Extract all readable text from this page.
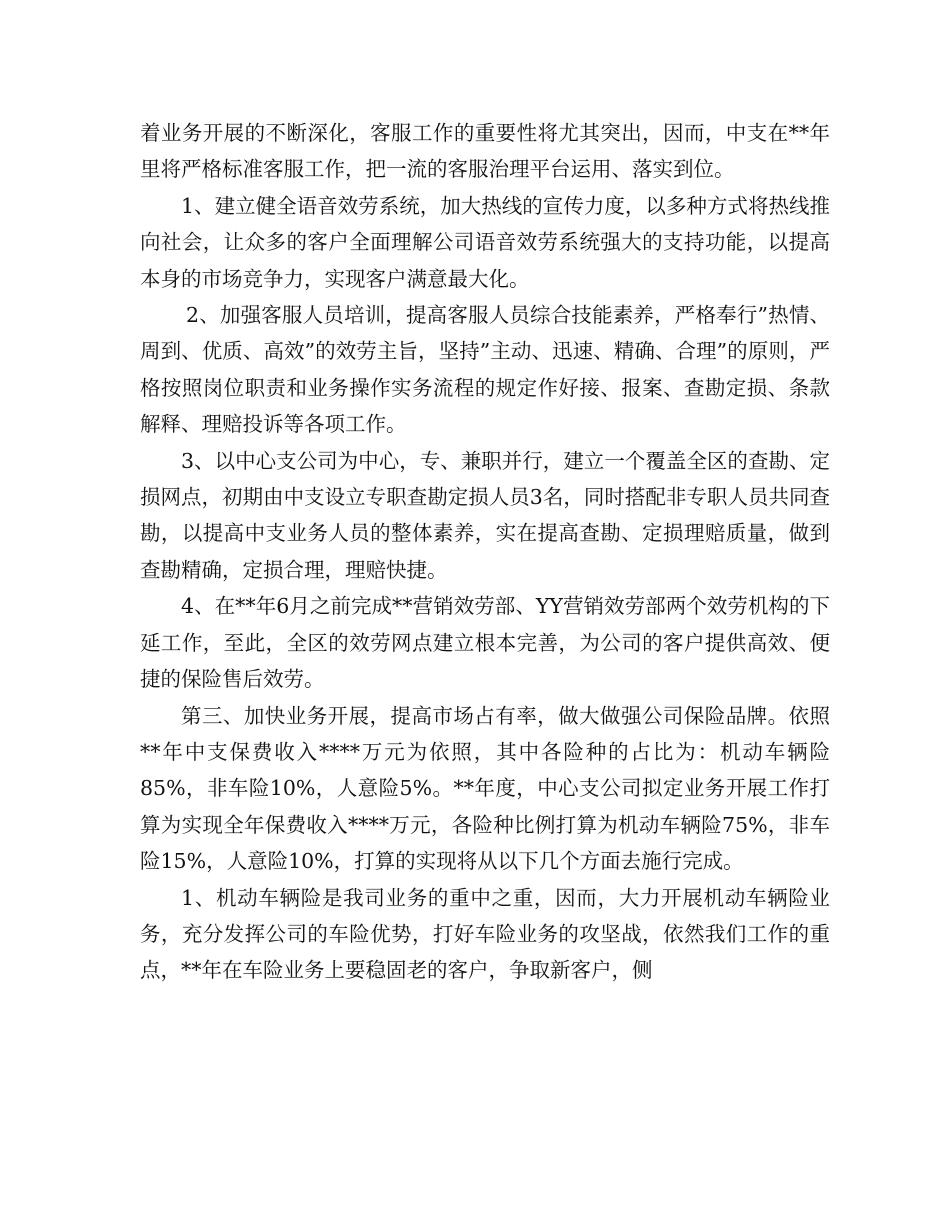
着业务开展的不断深化，客服工作的重要性将尤其突出，因而，中支在**年里将严格标准客服工作，把一流的客服治理平台运用、落实到位。

1、建立健全语音效劳系统，加大热线的宣传力度，以多种方式将热线推向社会，让众多的客户全面理解公司语音效劳系统强大的支持功能，以提高本身的市场竞争力，实现客户满意最大化。

2、加强客服人员培训，提高客服人员综合技能素养，严格奉行”热情、周到、优质、高效”的效劳主旨，坚持”主动、迅速、精确、合理”的原则，严格按照岗位职责和业务操作实务流程的规定作好接、报案、查勘定损、条款解释、理赔投诉等各项工作。

3、以中心支公司为中心，专、兼职并行，建立一个覆盖全区的查勘、定损网点，初期由中支设立专职查勘定损人员3名，同时搭配非专职人员共同查勘，以提高中支业务人员的整体素养，实在提高查勘、定损理赔质量，做到查勘精确，定损合理，理赔快捷。

4、在**年6月之前完成**营销效劳部、YY营销效劳部两个效劳机构的下延工作，至此，全区的效劳网点建立根本完善，为公司的客户提供高效、便捷的保险售后效劳。

第三、加快业务开展，提高市场占有率，做大做强公司保险品牌。依照**年中支保费收入****万元为依照，其中各险种的占比为：机动车辆险85%，非车险10%，人意险5%。**年度，中心支公司拟定业务开展工作打算为实现全年保费收入****万元，各险种比例打算为机动车辆险75%，非车险15%，人意险10%，打算的实现将从以下几个方面去施行完成。

1、机动车辆险是我司业务的重中之重，因而，大力开展机动车辆险业务，充分发挥公司的车险优势，打好车险业务的攻坚战，依然我们工作的重点，**年在车险业务上要稳固老的客户，争取新客户，侧
